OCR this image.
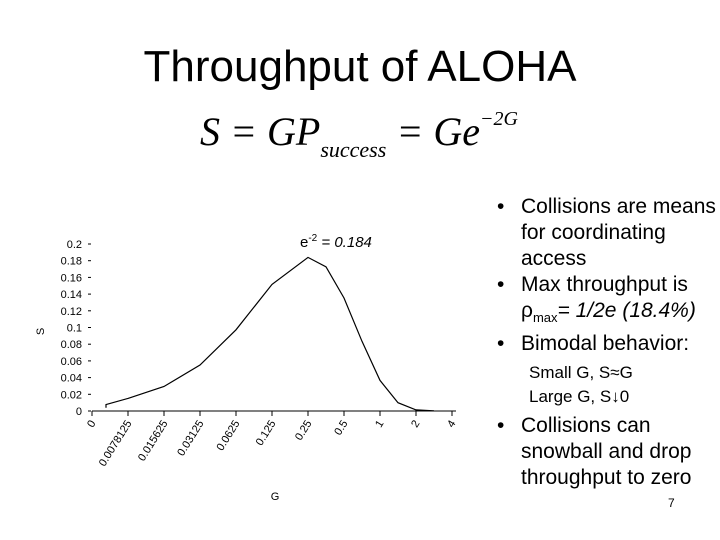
Throughput of ALOHA
$S = GP_{success} = Ge^{-2G}$
$e^{-2} = 0.184$
0
0.02
0.04
0.06
0.08
0.1
0.12
0.14
0.16
0.18
0.2
0
0.0078125 0.015625 0.03125 0.0625 0.125 0.25 0.5 1 2 4
S
G
• Collisions are means for coordinating access
• Max throughput is $\rho_{max}= 1/2e$ (18.4%)
• Bimodal behavior:
Small G, S≈G
Large G, S↓0
• Collisions can snowball and drop throughput to zero
7
